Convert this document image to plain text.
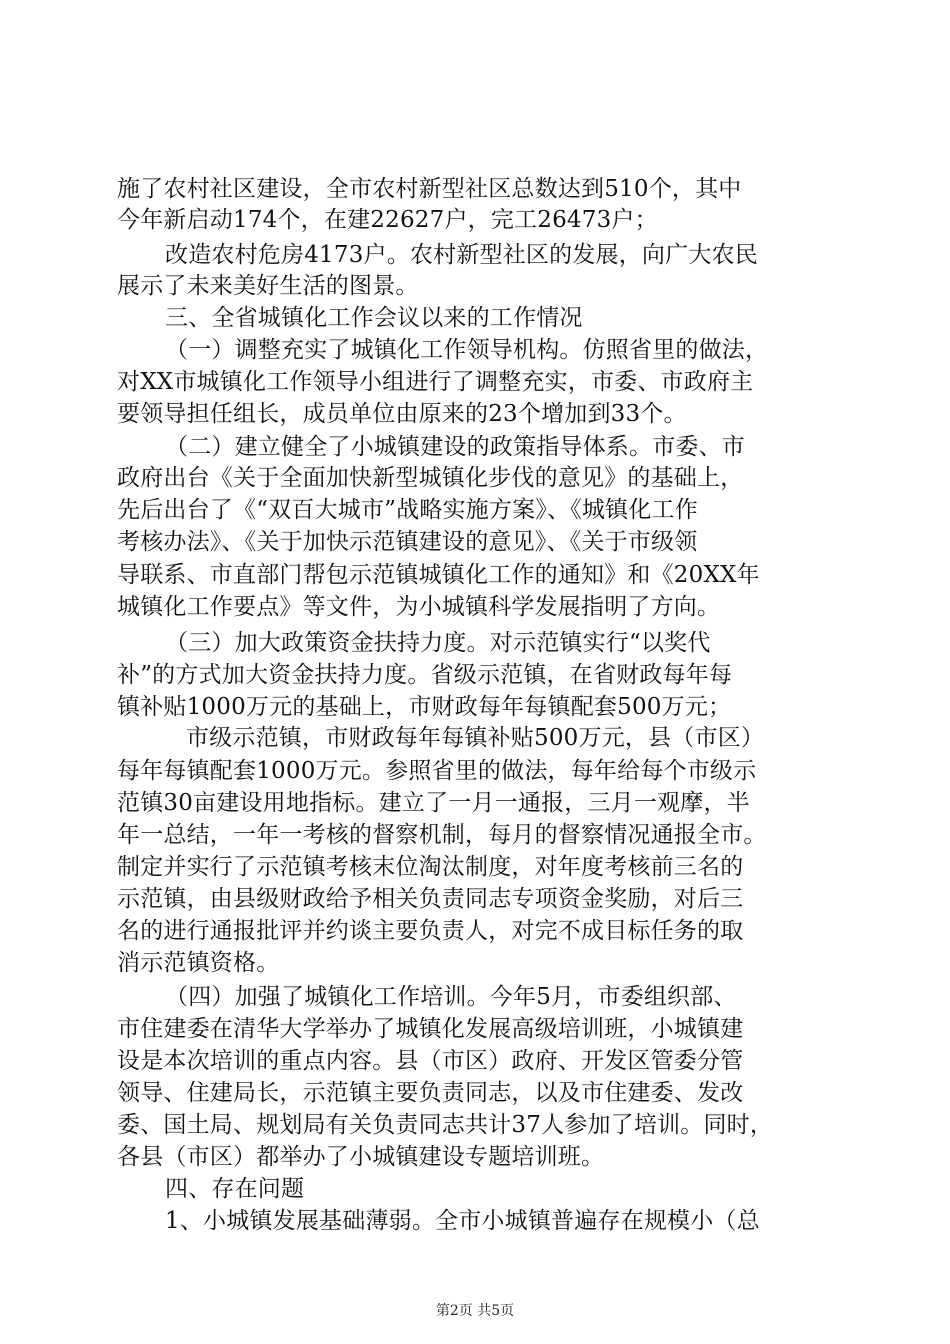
施了农村社区建设，全市农村新型社区总数达到510个，其中
今年新启动174个，在建22627户，完工26473户；
改造农村危房4173户。农村新型社区的发展，向广大农民
展示了未来美好生活的图景。
三、全省城镇化工作会议以来的工作情况
（一）调整充实了城镇化工作领导机构。仿照省里的做法，
对XX市城镇化工作领导小组进行了调整充实，市委、市政府主
要领导担任组长，成员单位由原来的23个增加到33个。
（二）建立健全了小城镇建设的政策指导体系。市委、市
政府出台《关于全面加快新型城镇化步伐的意见》的基础上，
先后出台了《“双百大城市”战略实施方案》、《城镇化工作
考核办法》、《关于加快示范镇建设的意见》、《关于市级领
导联系、市直部门帮包示范镇城镇化工作的通知》和《20XX年
城镇化工作要点》等文件，为小城镇科学发展指明了方向。
（三）加大政策资金扶持力度。对示范镇实行“以奖代
补”的方式加大资金扶持力度。省级示范镇，在省财政每年每
镇补贴1000万元的基础上，市财政每年每镇配套500万元；
市级示范镇，市财政每年每镇补贴500万元，县（市区）
每年每镇配套1000万元。参照省里的做法，每年给每个市级示
范镇30亩建设用地指标。建立了一月一通报，三月一观摩，半
年一总结，一年一考核的督察机制，每月的督察情况通报全市。
制定并实行了示范镇考核末位淘汰制度，对年度考核前三名的
示范镇，由县级财政给予相关负责同志专项资金奖励，对后三
名的进行通报批评并约谈主要负责人，对完不成目标任务的取
消示范镇资格。
（四）加强了城镇化工作培训。今年5月，市委组织部、
市住建委在清华大学举办了城镇化发展高级培训班，小城镇建
设是本次培训的重点内容。县（市区）政府、开发区管委分管
领导、住建局长，示范镇主要负责同志，以及市住建委、发改
委、国土局、规划局有关负责同志共计37人参加了培训。同时，
各县（市区）都举办了小城镇建设专题培训班。
四、存在问题
1、小城镇发展基础薄弱。全市小城镇普遍存在规模小（总
第2页 共5页
